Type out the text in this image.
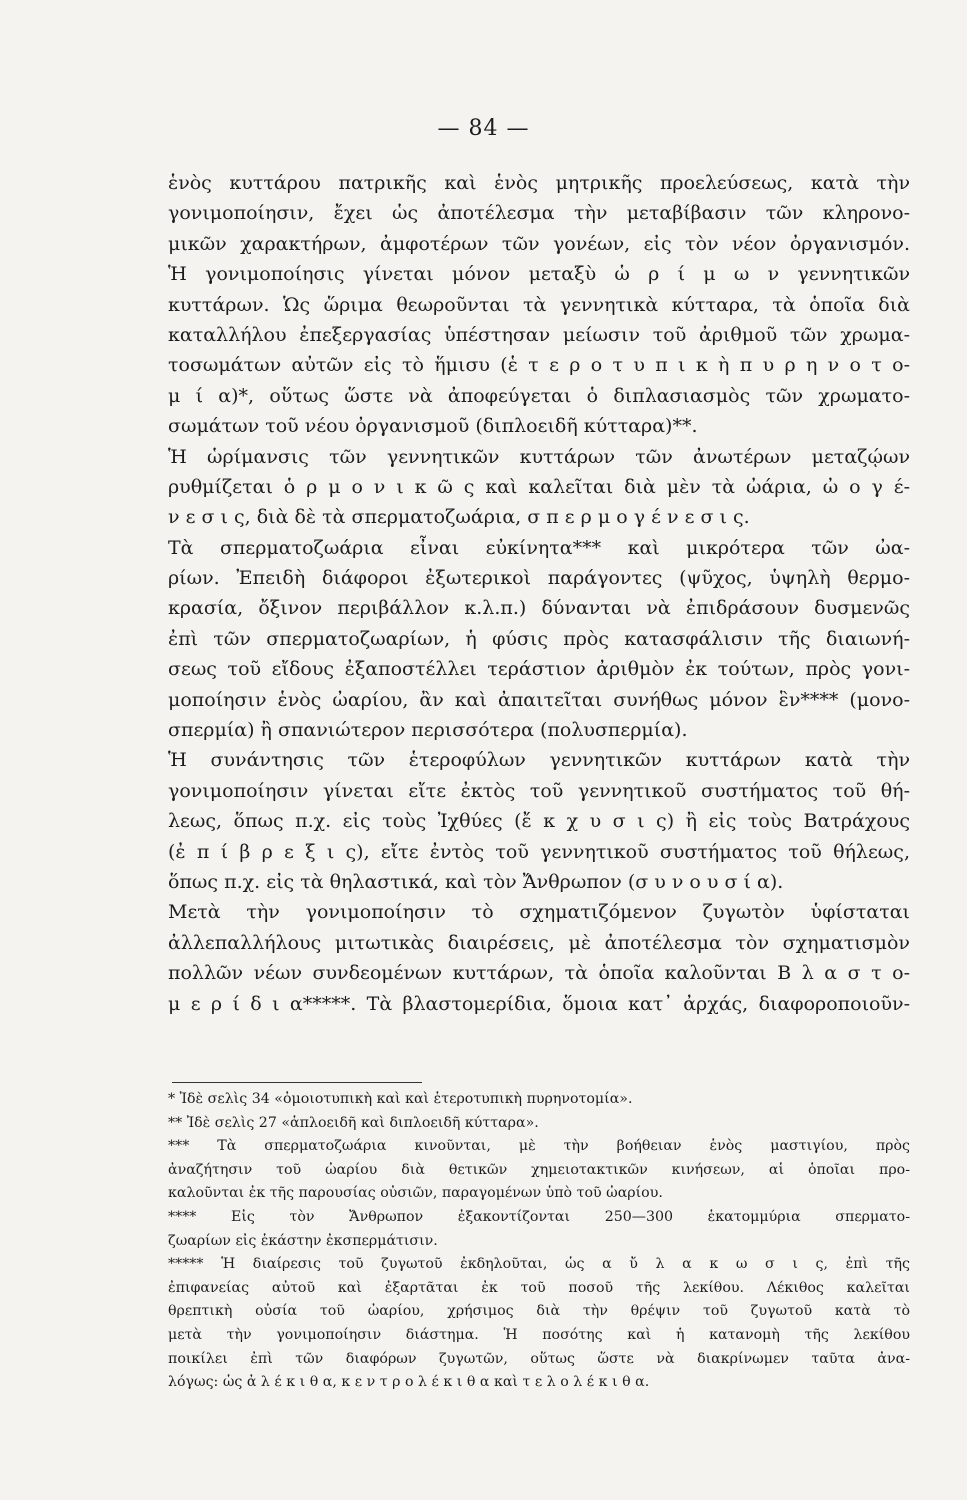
— 84 —
ἑνὸς κυττάρου πατρικῆς καὶ ἑνὸς μητρικῆς προελεύσεως, κατὰ τὴν
γονιμοποίησιν, ἔχει ὡς ἀποτέλεσμα τὴν μεταβίβασιν τῶν κληρονο-
μικῶν χαρακτήρων, ἀμφοτέρων τῶν γονέων, εἰς τὸν νέον ὀργανισμόν.
Ἡ γονιμοποίησις γίνεται μόνον μεταξὺ ὡ ρ ί μ ω ν γεννητικῶν
κυττάρων. Ὡς ὥριμα θεωροῦνται τὰ γεννητικὰ κύτταρα, τὰ ὁποῖα διὰ
καταλλήλου ἐπεξεργασίας ὑπέστησαν μείωσιν τοῦ ἀριθμοῦ τῶν χρωμα-
τοσωμάτων αὐτῶν εἰς τὸ ἥμισυ (ἑ τ ε ρ ο τ υ π ι κ ὴ π υ ρ η ν ο τ ο-
μ ί α)*, οὕτως ὥστε νὰ ἀποφεύγεται ὁ διπλασιασμὸς τῶν χρωματο-
σωμάτων τοῦ νέου ὀργανισμοῦ (διπλοειδῆ κύτταρα)**.
Ἡ ὡρίμανσις τῶν γεννητικῶν κυττάρων τῶν ἀνωτέρων μεταζῴων
ρυθμίζεται ὁ ρ μ ο ν ι κ ῶ ς καὶ καλεῖται διὰ μὲν τὰ ὠάρια, ὠ ο γ έ-
ν ε σ ι ς, διὰ δὲ τὰ σπερματοζωάρια, σ π ε ρ μ ο γ έ ν ε σ ι ς.
Τὰ σπερματοζωάρια εἶναι εὐκίνητα*** καὶ μικρότερα τῶν ὠα-
ρίων. Ἐπειδὴ διάφοροι ἐξωτερικοὶ παράγοντες (ψῦχος, ὑψηλὴ θερμο-
κρασία, ὄξινον περιβάλλον κ.λ.π.) δύνανται νὰ ἐπιδράσουν δυσμενῶς
ἐπὶ τῶν σπερματοζωαρίων, ἡ φύσις πρὸς κατασφάλισιν τῆς διαιωνή-
σεως τοῦ εἴδους ἐξαποστέλλει τεράστιον ἀριθμὸν ἐκ τούτων, πρὸς γονι-
μοποίησιν ἑνὸς ὠαρίου, ἂν καὶ ἀπαιτεῖται συνήθως μόνον ἓν**** (μονο-
σπερμία) ἢ σπανιώτερον περισσότερα (πολυσπερμία).
Ἡ συνάντησις τῶν ἑτεροφύλων γεννητικῶν κυττάρων κατὰ τὴν
γονιμοποίησιν γίνεται εἴτε ἐκτὸς τοῦ γεννητικοῦ συστήματος τοῦ θή-
λεως, ὅπως π.χ. εἰς τοὺς Ἰχθύες (ἔ κ χ υ σ ι ς) ἢ εἰς τοὺς Βατράχους
(ἐ π ί β ρ ε ξ ι ς), εἴτε ἐντὸς τοῦ γεννητικοῦ συστήματος τοῦ θήλεως,
ὅπως π.χ. εἰς τὰ θηλαστικά, καὶ τὸν Ἄνθρωπον (σ υ ν ο υ σ ί α).
Μετὰ τὴν γονιμοποίησιν τὸ σχηματιζόμενον ζυγωτὸν ὑφίσταται
ἀλλεπαλλήλους μιτωτικὰς διαιρέσεις, μὲ ἀποτέλεσμα τὸν σχηματισμὸν
πολλῶν νέων συνδεομένων κυττάρων, τὰ ὁποῖα καλοῦνται Β λ α σ τ ο-
μ ε ρ ί δ ι α*****. Τὰ βλαστομερίδια, ὅμοια κατ᾽ ἀρχάς, διαφοροποιοῦν-
* Ἰδὲ σελὶς 34 «ὁμοιοτυπικὴ καὶ καὶ ἑτεροτυπικὴ πυρηνοτομία».
** Ἰδὲ σελὶς 27 «ἁπλοειδῆ καὶ διπλοειδῆ κύτταρα».
*** Τὰ σπερματοζωάρια κινοῦνται, μὲ τὴν βοήθειαν ἑνὸς μαστιγίου, πρὸς
ἀναζήτησιν τοῦ ὠαρίου διὰ θετικῶν χημειοτακτικῶν κινήσεων, αἱ ὁποῖαι προ-
καλοῦνται ἐκ τῆς παρουσίας οὐσιῶν, παραγομένων ὑπὸ τοῦ ὠαρίου.
**** Εἰς τὸν Ἄνθρωπον ἐξακοντίζονται 250—300 ἑκατομμύρια σπερματο-
ζωαρίων εἰς ἑκάστην ἐκσπερμάτισιν.
***** Ἡ διαίρεσις τοῦ ζυγωτοῦ ἐκδηλοῦται, ὡς α ὔ λ α κ ω σ ι ς, ἐπὶ τῆς
ἐπιφανείας αὐτοῦ καὶ ἐξαρτᾶται ἐκ τοῦ ποσοῦ τῆς λεκίθου. Λέκιθος καλεῖται
θρεπτικὴ οὐσία τοῦ ὠαρίου, χρήσιμος διὰ τὴν θρέψιν τοῦ ζυγωτοῦ κατὰ τὸ
μετὰ τὴν γονιμοποίησιν διάστημα. Ἡ ποσότης καὶ ἡ κατανομὴ τῆς λεκίθου
ποικίλει ἐπὶ τῶν διαφόρων ζυγωτῶν, οὕτως ὥστε νὰ διακρίνωμεν ταῦτα ἀνα-
λόγως: ὡς ἀ λ έ κ ι θ α, κ ε ν τ ρ ο λ έ κ ι θ α καὶ τ ε λ ο λ έ κ ι θ α.
